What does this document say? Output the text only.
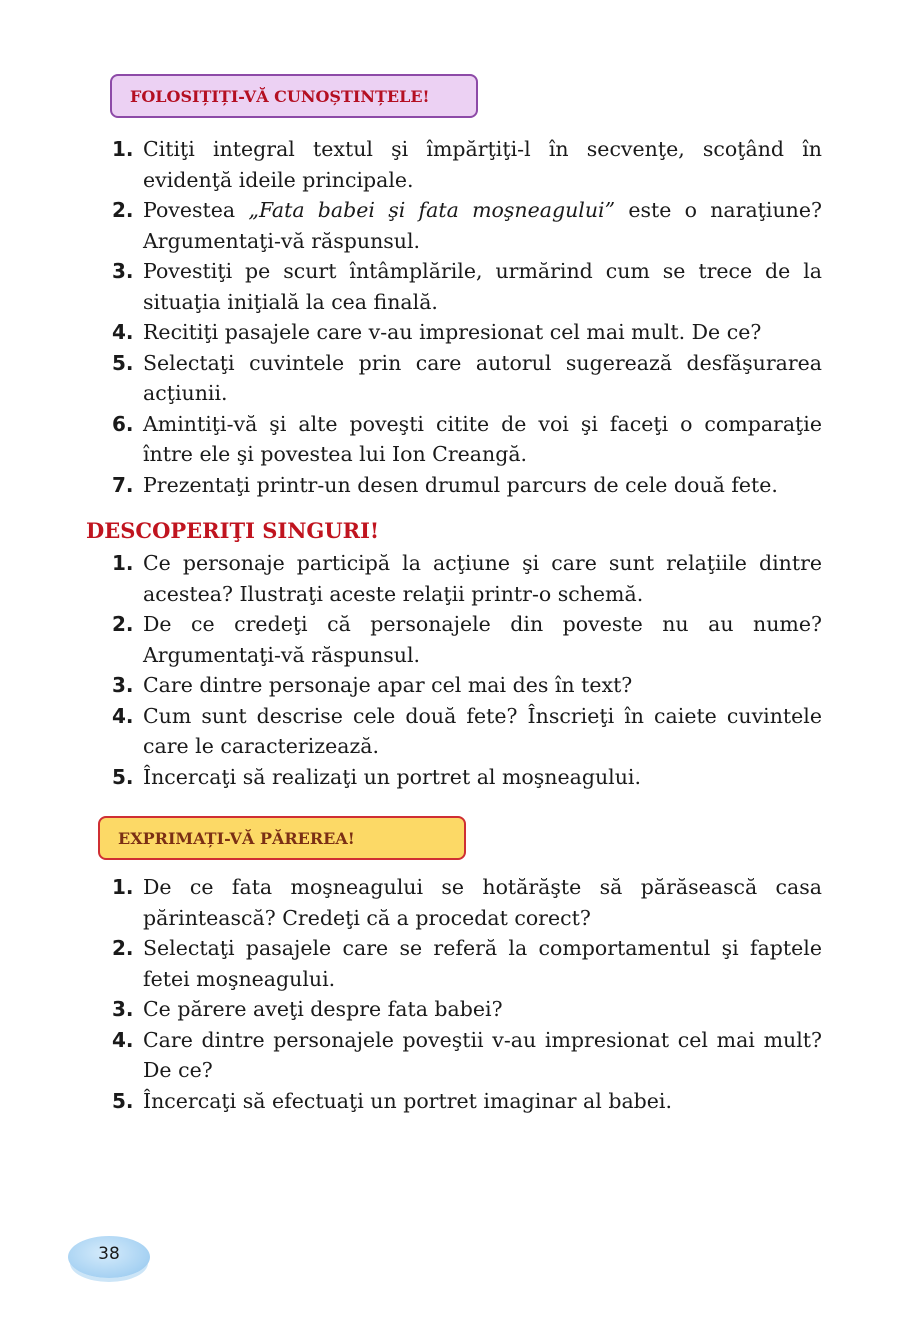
FOLOSIȚIȚI-VĂ CUNOȘTINȚELE!
1. Citiţi integral textul şi împărţiţi-l în secvenţe, scoţând în evidenţă ideile principale.
2. Povestea „Fata babei şi fata moşneagului” este o naraţiune? Argumentaţi-vă răspunsul.
3. Povestiţi pe scurt întâmplările, urmărind cum se trece de la situaţia iniţială la cea finală.
4. Recitiţi pasajele care v-au impresionat cel mai mult. De ce?
5. Selectaţi cuvintele prin care autorul sugerează desfăşurarea acţiunii.
6. Amintiţi-vă şi alte poveşti citite de voi şi faceţi o comparaţie între ele şi povestea lui Ion Creangă.
7. Prezentaţi printr-un desen drumul parcurs de cele două fete.
DESCOPERIŢI SINGURI!
1. Ce personaje participă la acţiune şi care sunt relaţiile dintre acestea? Ilustraţi aceste relaţii printr-o schemă.
2. De ce credeţi că personajele din poveste nu au nume? Argumentaţi-vă răspunsul.
3. Care dintre personaje apar cel mai des în text?
4. Cum sunt descrise cele două fete? Înscrieţi în caiete cuvintele care le caracterizează.
5. Încercaţi să realizaţi un portret al moşneagului.
EXPRIMAȚI-VĂ PĂREREA!
1. De ce fata moşneagului se hotărăşte să părăsească casa părintească? Credeţi că a procedat corect?
2. Selectaţi pasajele care se referă la comportamentul şi faptele fetei moşneagului.
3. Ce părere aveţi despre fata babei?
4. Care dintre personajele poveştii v-au impresionat cel mai mult? De ce?
5. Încercaţi să efectuaţi un portret imaginar al babei.
38
